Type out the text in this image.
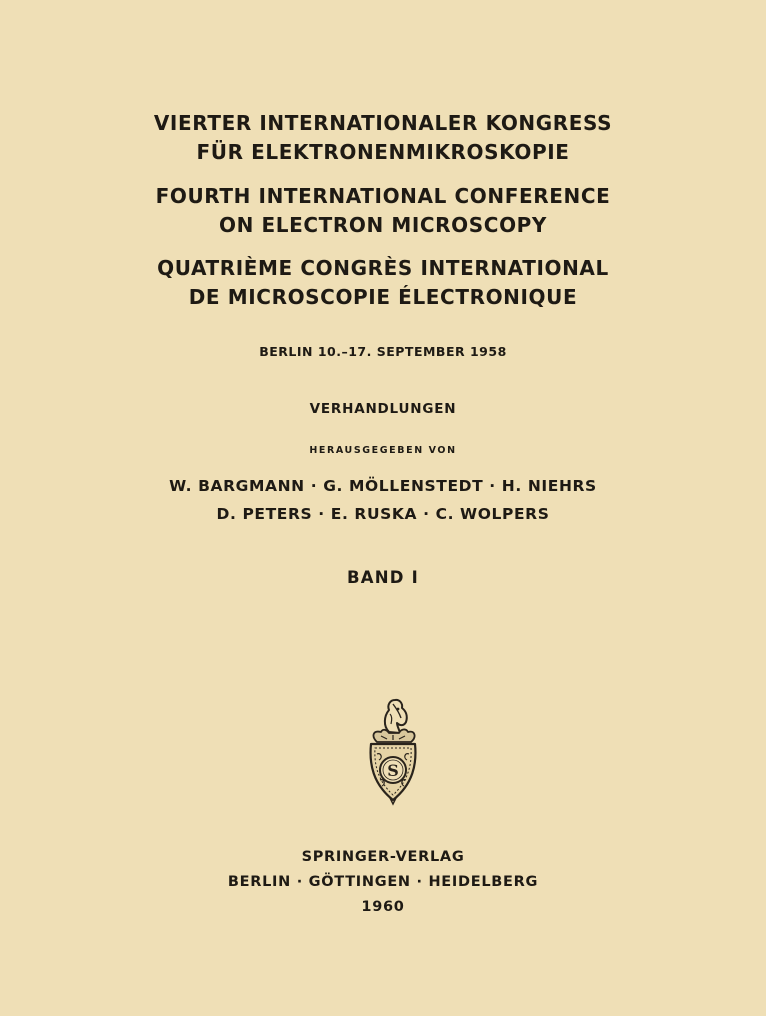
VIERTER INTERNATIONALER KONGRESS
FÜR ELEKTRONENMIKROSKOPIE
FOURTH INTERNATIONAL CONFERENCE
ON ELECTRON MICROSCOPY
QUATRIÈME CONGRÈS INTERNATIONAL
DE MICROSCOPIE ÉLECTRONIQUE
BERLIN 10.–17. SEPTEMBER 1958
VERHANDLUNGEN
HERAUSGEGEBEN VON
W. BARGMANN · G. MÖLLENSTEDT · H. NIEHRS
D. PETERS · E. RUSKA · C. WOLPERS
BAND I
S
SPRINGER-VERLAG
BERLIN · GÖTTINGEN · HEIDELBERG
1960
